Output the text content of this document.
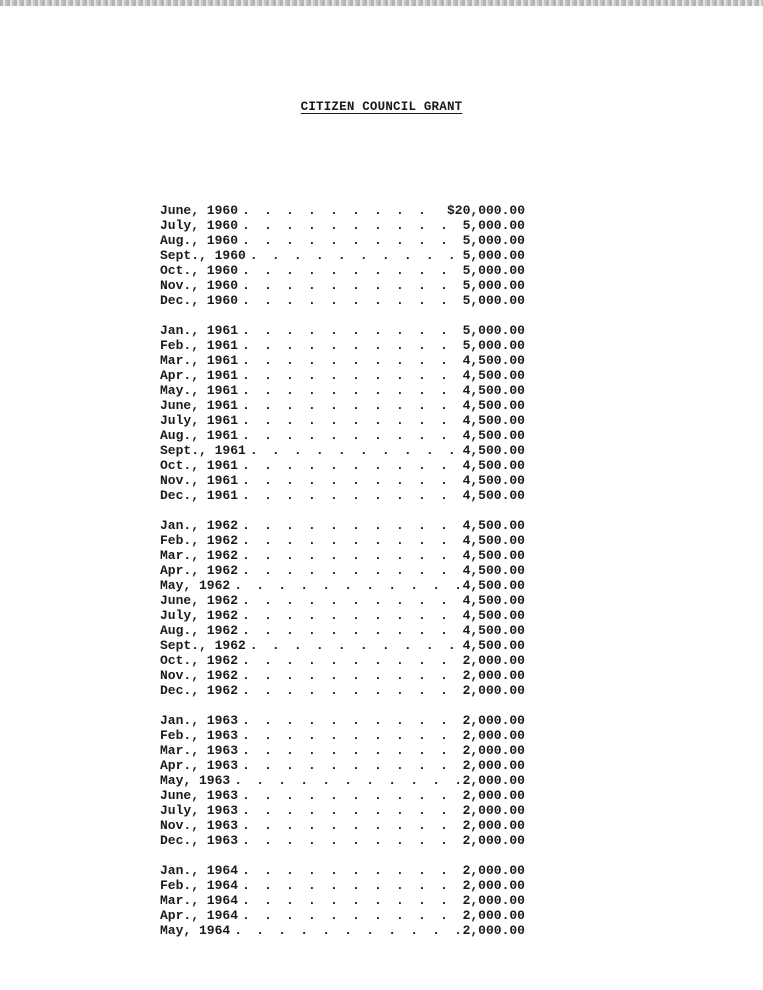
CITIZEN COUNCIL GRANT
June, 1960 . . .	$20,000.00
July, 1960 . . .	5,000.00
Aug., 1960 . . .	5,000.00
Sept., 1960 . . .	5,000.00
Oct., 1960 . . .	5,000.00
Nov., 1960 . . .	5,000.00
Dec., 1960 . . .	5,000.00
Jan., 1961 . . .	5,000.00
Feb., 1961 . . .	5,000.00
Mar., 1961 . . .	4,500.00
Apr., 1961 . . .	4,500.00
May., 1961 . . .	4,500.00
June, 1961 . . .	4,500.00
July, 1961 . . .	4,500.00
Aug., 1961 . . .	4,500.00
Sept., 1961 . . .	4,500.00
Oct., 1961 . . .	4,500.00
Nov., 1961 . . .	4,500.00
Dec., 1961 . . .	4,500.00
Jan., 1962 . . .	4,500.00
Feb., 1962 . . .	4,500.00
Mar., 1962 . . .	4,500.00
Apr., 1962 . . .	4,500.00
May, 1962 . . .	4,500.00
June, 1962 . . .	4,500.00
July, 1962 . . .	4,500.00
Aug., 1962 . . .	4,500.00
Sept., 1962 . . .	4,500.00
Oct., 1962 . . .	2,000.00
Nov., 1962 . . .	2,000.00
Dec., 1962 . . .	2,000.00
Jan., 1963 . . .	2,000.00
Feb., 1963 . . .	2,000.00
Mar., 1963 . . .	2,000.00
Apr., 1963 . . .	2,000.00
May, 1963 . . .	2,000.00
June, 1963 . . .	2,000.00
July, 1963 . . .	2,000.00
Nov., 1963 . . .	2,000.00
Dec., 1963 . . .	2,000.00
Jan., 1964 . . .	2,000.00
Feb., 1964 . . .	2,000.00
Mar., 1964 . . .	2,000.00
Apr., 1964 . . .	2,000.00
May, 1964 . . .	2,000.00
